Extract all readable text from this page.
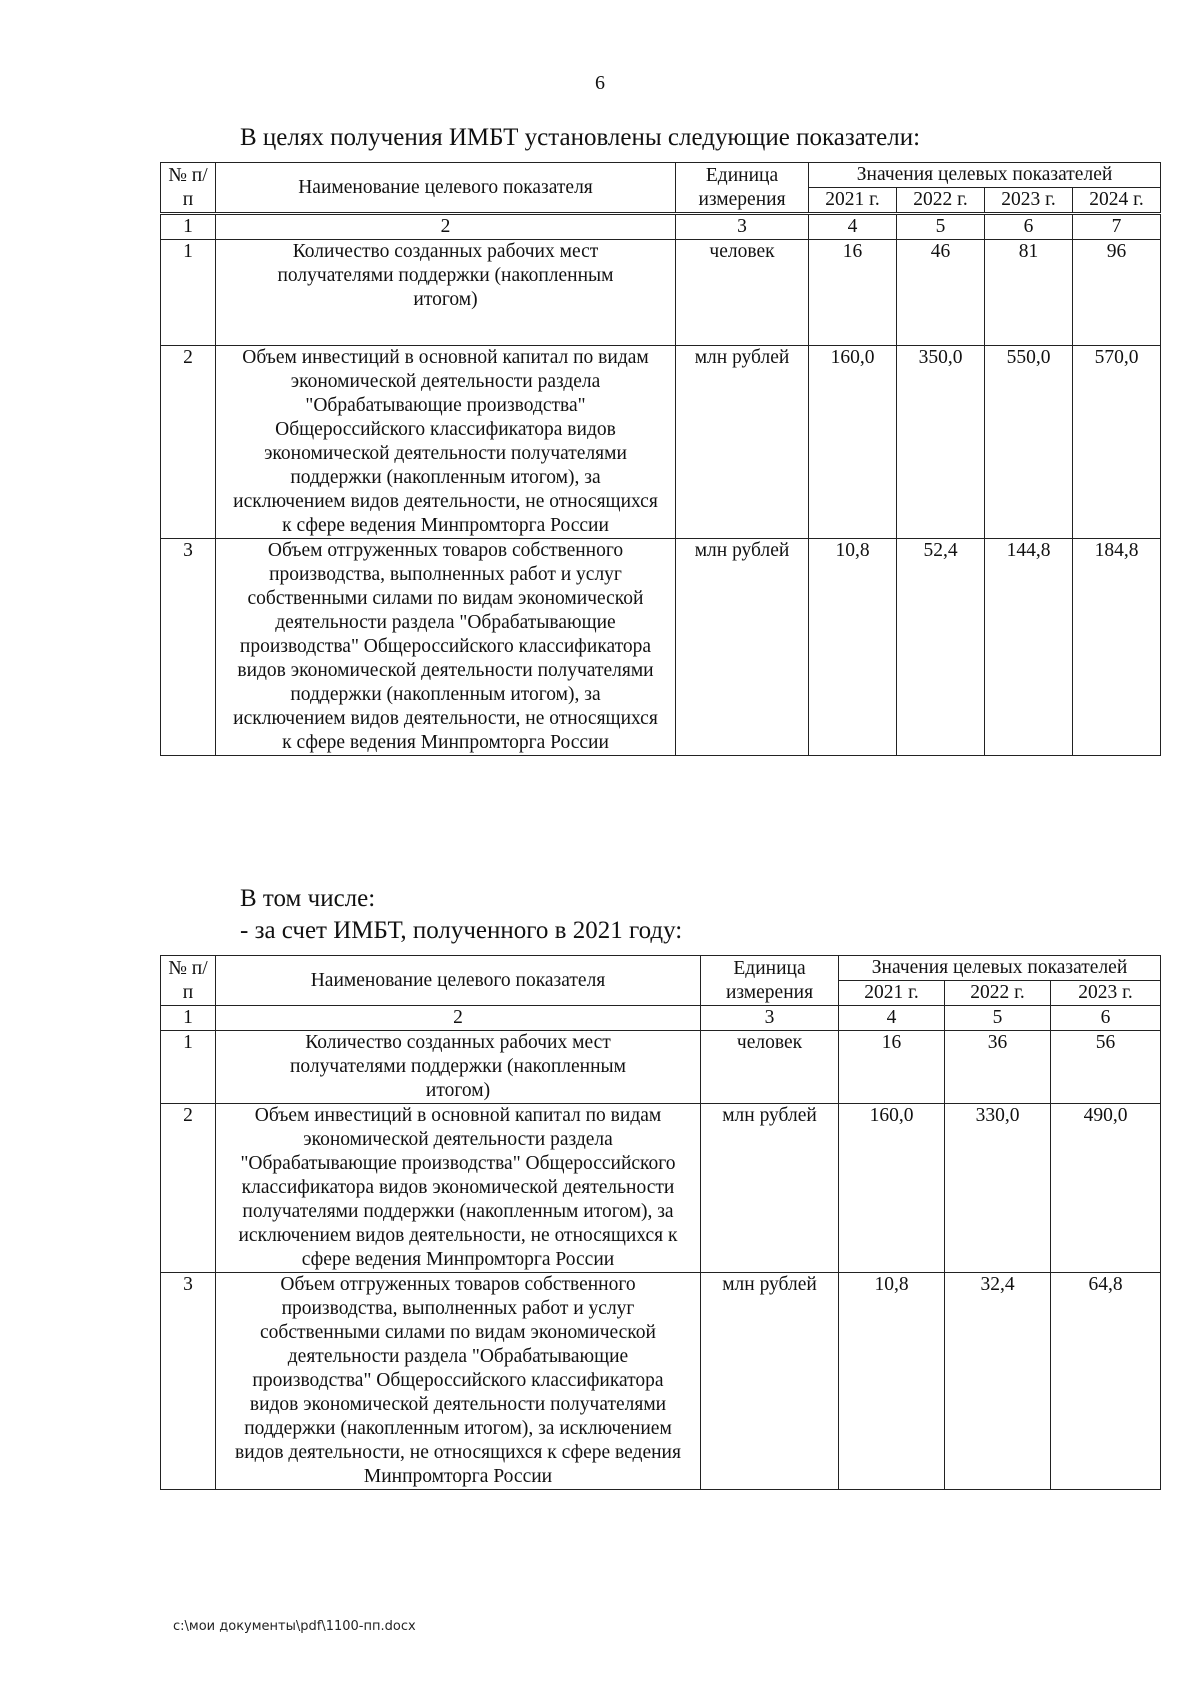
6
В целях получения ИМБТ установлены следующие показатели:
№ п/п	Наименование целевого показателя	Единица измерения	Значения целевых показателей			
			2021 г.	2022 г.	2023 г.	2024 г.
1	2	3	4	5	6	7
1	Количество созданных рабочих мест получателями поддержки (накопленным итогом)	человек	16	46	81	96
2	Объем инвестиций в основной капитал по видам экономической деятельности раздела "Обрабатывающие производства" Общероссийского классификатора видов экономической деятельности получателями поддержки (накопленным итогом), за исключением видов деятельности, не относящихся к сфере ведения Минпромторга России	млн рублей	160,0	350,0	550,0	570,0
3	Объем отгруженных товаров собственного производства, выполненных работ и услуг собственными силами по видам экономической деятельности раздела "Обрабатывающие производства" Общероссийского классификатора видов экономической деятельности получателями поддержки (накопленным итогом), за исключением видов деятельности, не относящихся к сфере ведения Минпромторга России	млн рублей	10,8	52,4	144,8	184,8
В том числе:
- за счет ИМБТ, полученного в 2021 году:
№ п/п	Наименование целевого показателя	Единица измерения	Значения целевых показателей		
			2021 г.	2022 г.	2023 г.
1	2	3	4	5	6
1	Количество созданных рабочих мест получателями поддержки (накопленным итогом)	человек	16	36	56
2	Объем инвестиций в основной капитал по видам экономической деятельности раздела "Обрабатывающие производства" Общероссийского классификатора видов экономической деятельности получателями поддержки (накопленным итогом), за исключением видов деятельности, не относящихся к сфере ведения Минпромторга России	млн рублей	160,0	330,0	490,0
3	Объем отгруженных товаров собственного производства, выполненных работ и услуг собственными силами по видам экономической деятельности раздела "Обрабатывающие производства" Общероссийского классификатора видов экономической деятельности получателями поддержки (накопленным итогом), за исключением видов деятельности, не относящихся к сфере ведения Минпромторга России	млн рублей	10,8	32,4	64,8
c:\мои документы\pdf\1100-пп.docx
